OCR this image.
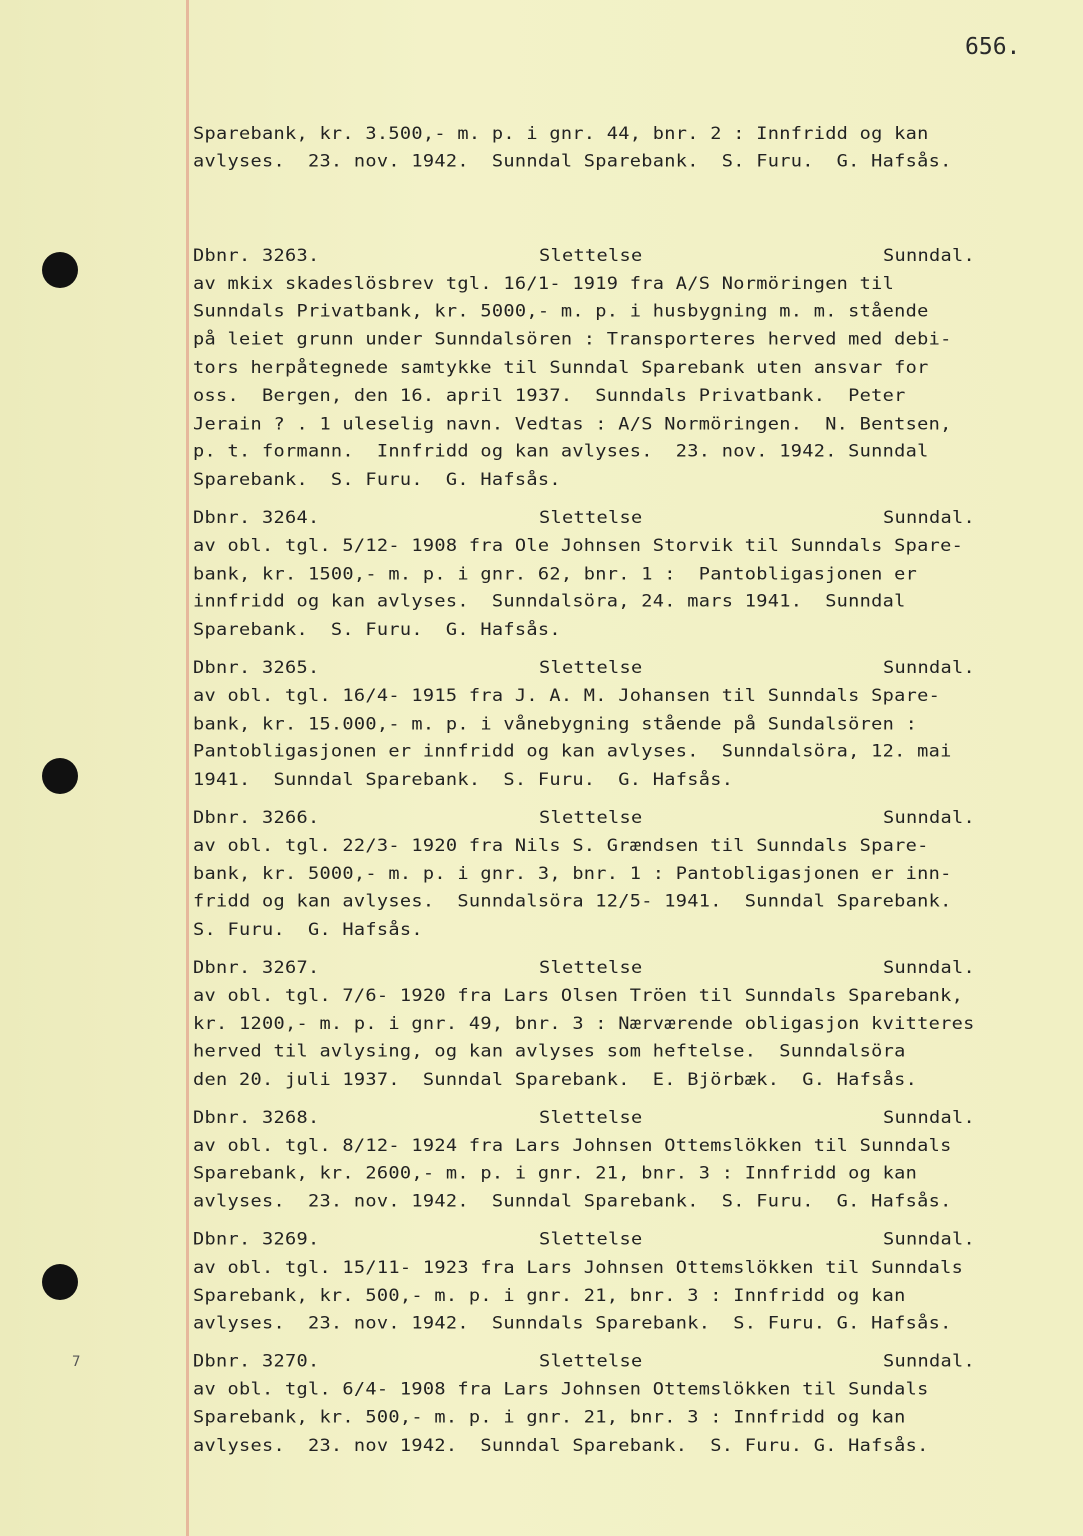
656.
7

Sparebank, kr. 3.500,- m. p. i gnr. 44, bnr. 2 : Innfridd og kan
avlyses.  23. nov. 1942.  Sunndal Sparebank.  S. Furu.  G. Hafsås.

Dbnr. 3263.	Slettelse	Sunndal.
av mkix skadeslösbrev tgl. 16/1- 1919 fra A/S Normöringen til
Sunndals Privatbank, kr. 5000,- m. p. i husbygning m. m. stående
på leiet grunn under Sunndalsören : Transporteres herved med debi-
tors herpåtegnede samtykke til Sunndal Sparebank uten ansvar for
oss.  Bergen, den 16. april 1937.  Sunndals Privatbank.  Peter
Jerain ? . 1 uleselig navn. Vedtas : A/S Normöringen.  N. Bentsen,
p. t. formann.  Innfridd og kan avlyses.  23. nov. 1942. Sunndal
Sparebank.  S. Furu.  G. Hafsås.
Dbnr. 3264.	Slettelse	Sunndal.
av obl. tgl. 5/12- 1908 fra Ole Johnsen Storvik til Sunndals Spare-
bank, kr. 1500,- m. p. i gnr. 62, bnr. 1 :  Pantobligasjonen er
innfridd og kan avlyses.  Sunndalsöra, 24. mars 1941.  Sunndal
Sparebank.  S. Furu.  G. Hafsås.
Dbnr. 3265.	Slettelse	Sunndal.
av obl. tgl. 16/4- 1915 fra J. A. M. Johansen til Sunndals Spare-
bank, kr. 15.000,- m. p. i vånebygning stående på Sundalsören :
Pantobligasjonen er innfridd og kan avlyses.  Sunndalsöra, 12. mai
1941.  Sunndal Sparebank.  S. Furu.  G. Hafsås.
Dbnr. 3266.	Slettelse	Sunndal.
av obl. tgl. 22/3- 1920 fra Nils S. Grændsen til Sunndals Spare-
bank, kr. 5000,- m. p. i gnr. 3, bnr. 1 : Pantobligasjonen er inn-
fridd og kan avlyses.  Sunndalsöra 12/5- 1941.  Sunndal Sparebank.
S. Furu.  G. Hafsås.
Dbnr. 3267.	Slettelse	Sunndal.
av obl. tgl. 7/6- 1920 fra Lars Olsen Tröen til Sunndals Sparebank,
kr. 1200,- m. p. i gnr. 49, bnr. 3 : Nærværende obligasjon kvitteres
herved til avlysing, og kan avlyses som heftelse.  Sunndalsöra
den 20. juli 1937.  Sunndal Sparebank.  E. Björbæk.  G. Hafsås.
Dbnr. 3268.	Slettelse	Sunndal.
av obl. tgl. 8/12- 1924 fra Lars Johnsen Ottemslökken til Sunndals
Sparebank, kr. 2600,- m. p. i gnr. 21, bnr. 3 : Innfridd og kan
avlyses.  23. nov. 1942.  Sunndal Sparebank.  S. Furu.  G. Hafsås.
Dbnr. 3269.	Slettelse	Sunndal.
av obl. tgl. 15/11- 1923 fra Lars Johnsen Ottemslökken til Sunndals
Sparebank, kr. 500,- m. p. i gnr. 21, bnr. 3 : Innfridd og kan
avlyses.  23. nov. 1942.  Sunndals Sparebank.  S. Furu. G. Hafsås.
Dbnr. 3270.	Slettelse	Sunndal.
av obl. tgl. 6/4- 1908 fra Lars Johnsen Ottemslökken til Sundals
Sparebank, kr. 500,- m. p. i gnr. 21, bnr. 3 : Innfridd og kan
avlyses.  23. nov 1942.  Sunndal Sparebank.  S. Furu. G. Hafsås.
